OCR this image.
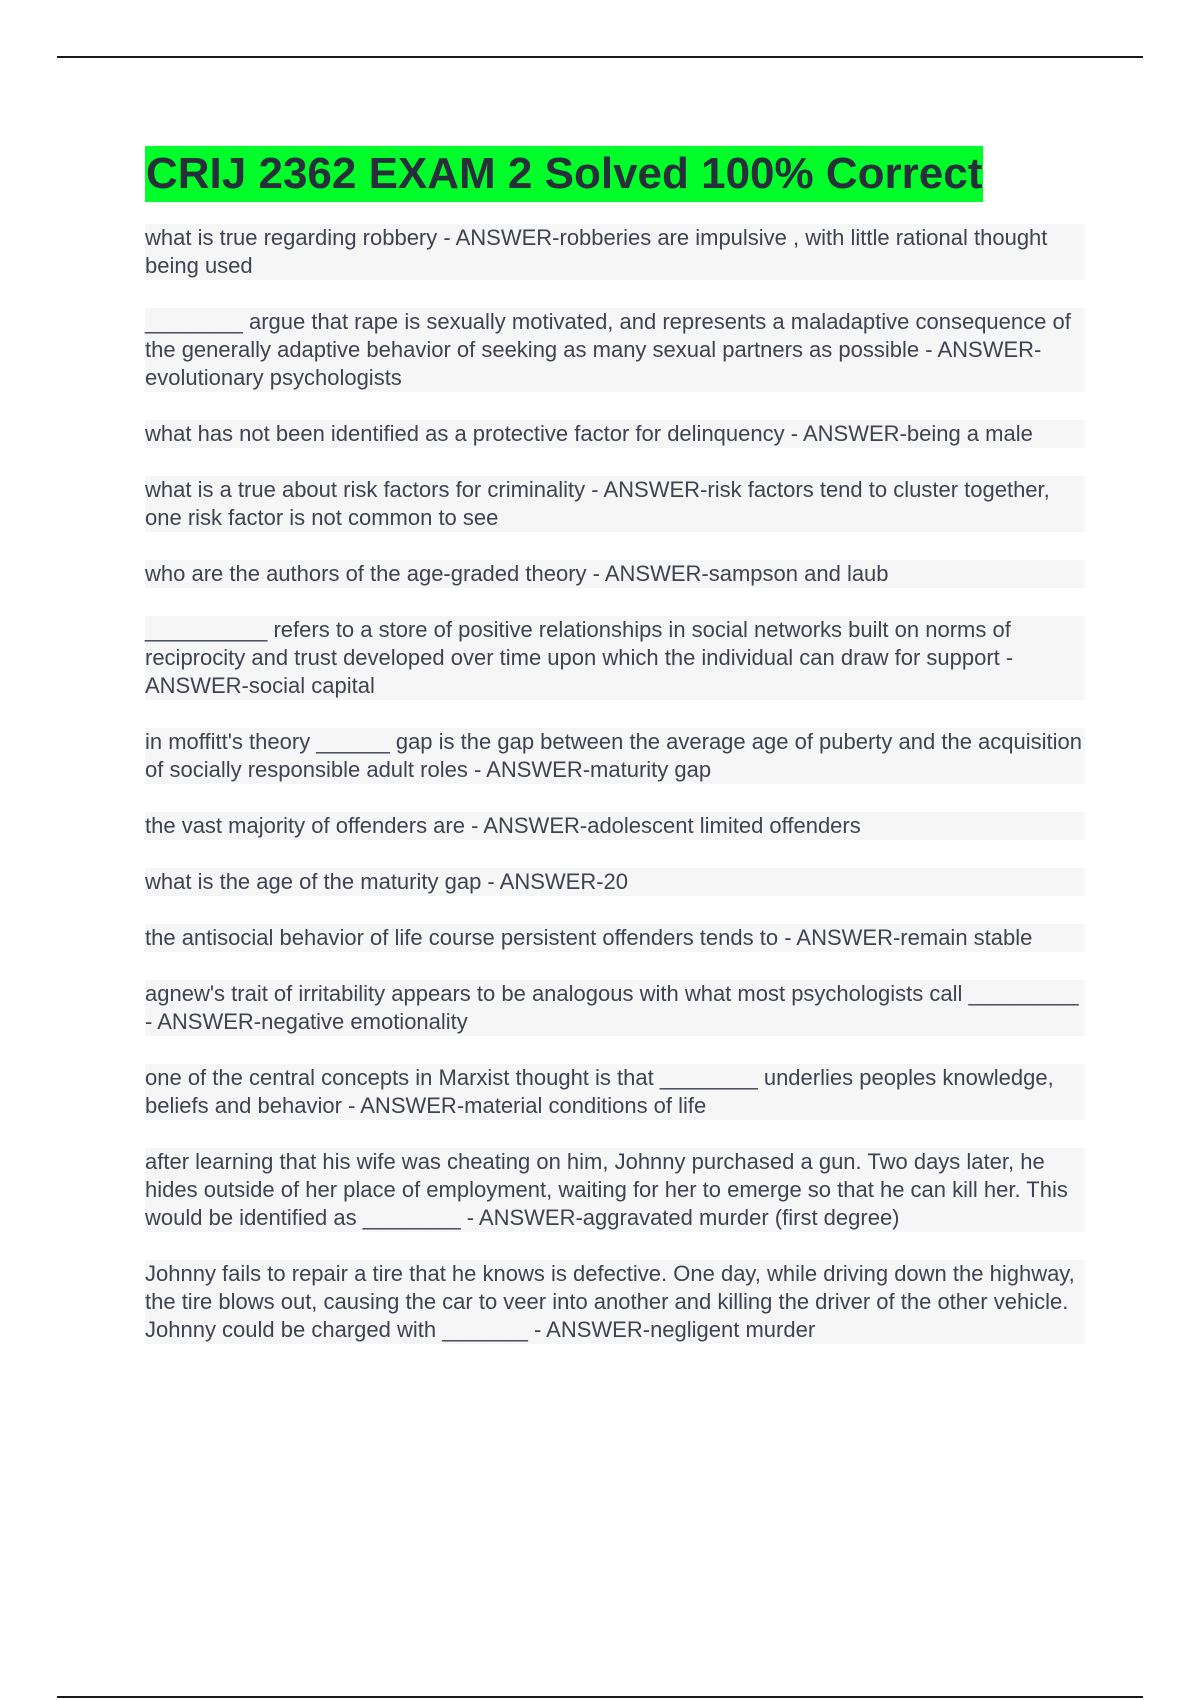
CRIJ 2362 EXAM 2 Solved 100% Correct

what is true regarding robbery - ANSWER-robberies are impulsive , with little rational thought being used

________ argue that rape is sexually motivated, and represents a maladaptive consequence of the generally adaptive behavior of seeking as many sexual partners as possible - ANSWER-evolutionary psychologists

what has not been identified as a protective factor for delinquency - ANSWER-being a male

what is a true about risk factors for criminality - ANSWER-risk factors tend to cluster together, one risk factor is not common to see

who are the authors of the age-graded theory - ANSWER-sampson and laub

__________ refers to a store of positive relationships in social networks built on norms of reciprocity and trust developed over time upon which the individual can draw for support - ANSWER-social capital

in moffitt's theory ______ gap is the gap between the average age of puberty and the acquisition of socially responsible adult roles - ANSWER-maturity gap

the vast majority of offenders are - ANSWER-adolescent limited offenders

what is the age of the maturity gap - ANSWER-20

the antisocial behavior of life course persistent offenders tends to - ANSWER-remain stable

agnew's trait of irritability appears to be analogous with what most psychologists call _________ - ANSWER-negative emotionality

one of the central concepts in Marxist thought is that ________ underlies peoples knowledge, beliefs and behavior - ANSWER-material conditions of life

after learning that his wife was cheating on him, Johnny purchased a gun. Two days later, he hides outside of her place of employment, waiting for her to emerge so that he can kill her. This would be identified as ________ - ANSWER-aggravated murder (first degree)

Johnny fails to repair a tire that he knows is defective. One day, while driving down the highway, the tire blows out, causing the car to veer into another and killing the driver of the other vehicle. Johnny could be charged with _______ - ANSWER-negligent murder
